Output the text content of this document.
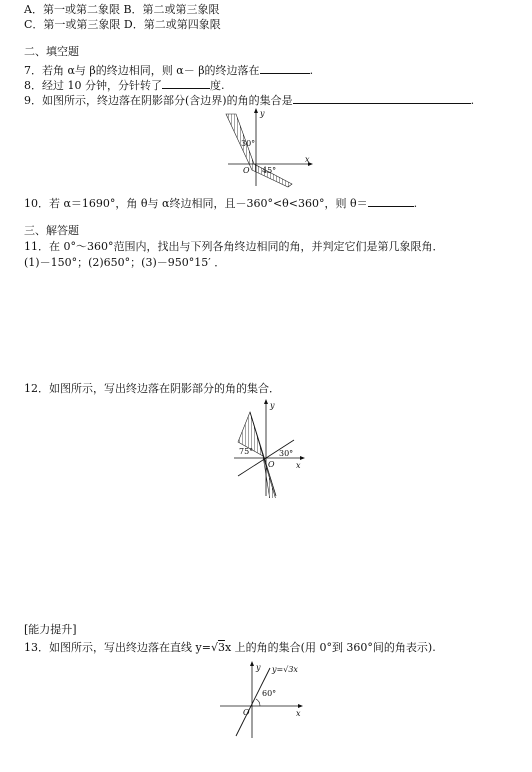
A．第一或第二象限 B．第二或第三象限
C．第一或第三象限 D．第二或第四象限
二、填空题
7．若角 α与 β的终边相同，则 α－ β的终边落在	.
8．经过 10 分钟，分针转了	度.
9．如图所示，终边落在阴影部分(含边界)的角的集合是	.
y
x
O
30°
45°
10．若 α＝1690°，角 θ与 α终边相同，且－360°<θ<360°，则 θ＝	.
三、解答题
11．在 0°～360°范围内，找出与下列各角终边相同的角，并判定它们是第几象限角．
(1)－150°；(2)650°；(3)－950°15′ ．
12．如图所示，写出终边落在阴影部分的角的集合．
y
x
O
75°	30°
[能力提升]
13．如图所示，写出终边落在直线 y=√3x 上的角的集合(用 0°到 360°间的角表示).
y
x
O
60°
y=√3x
